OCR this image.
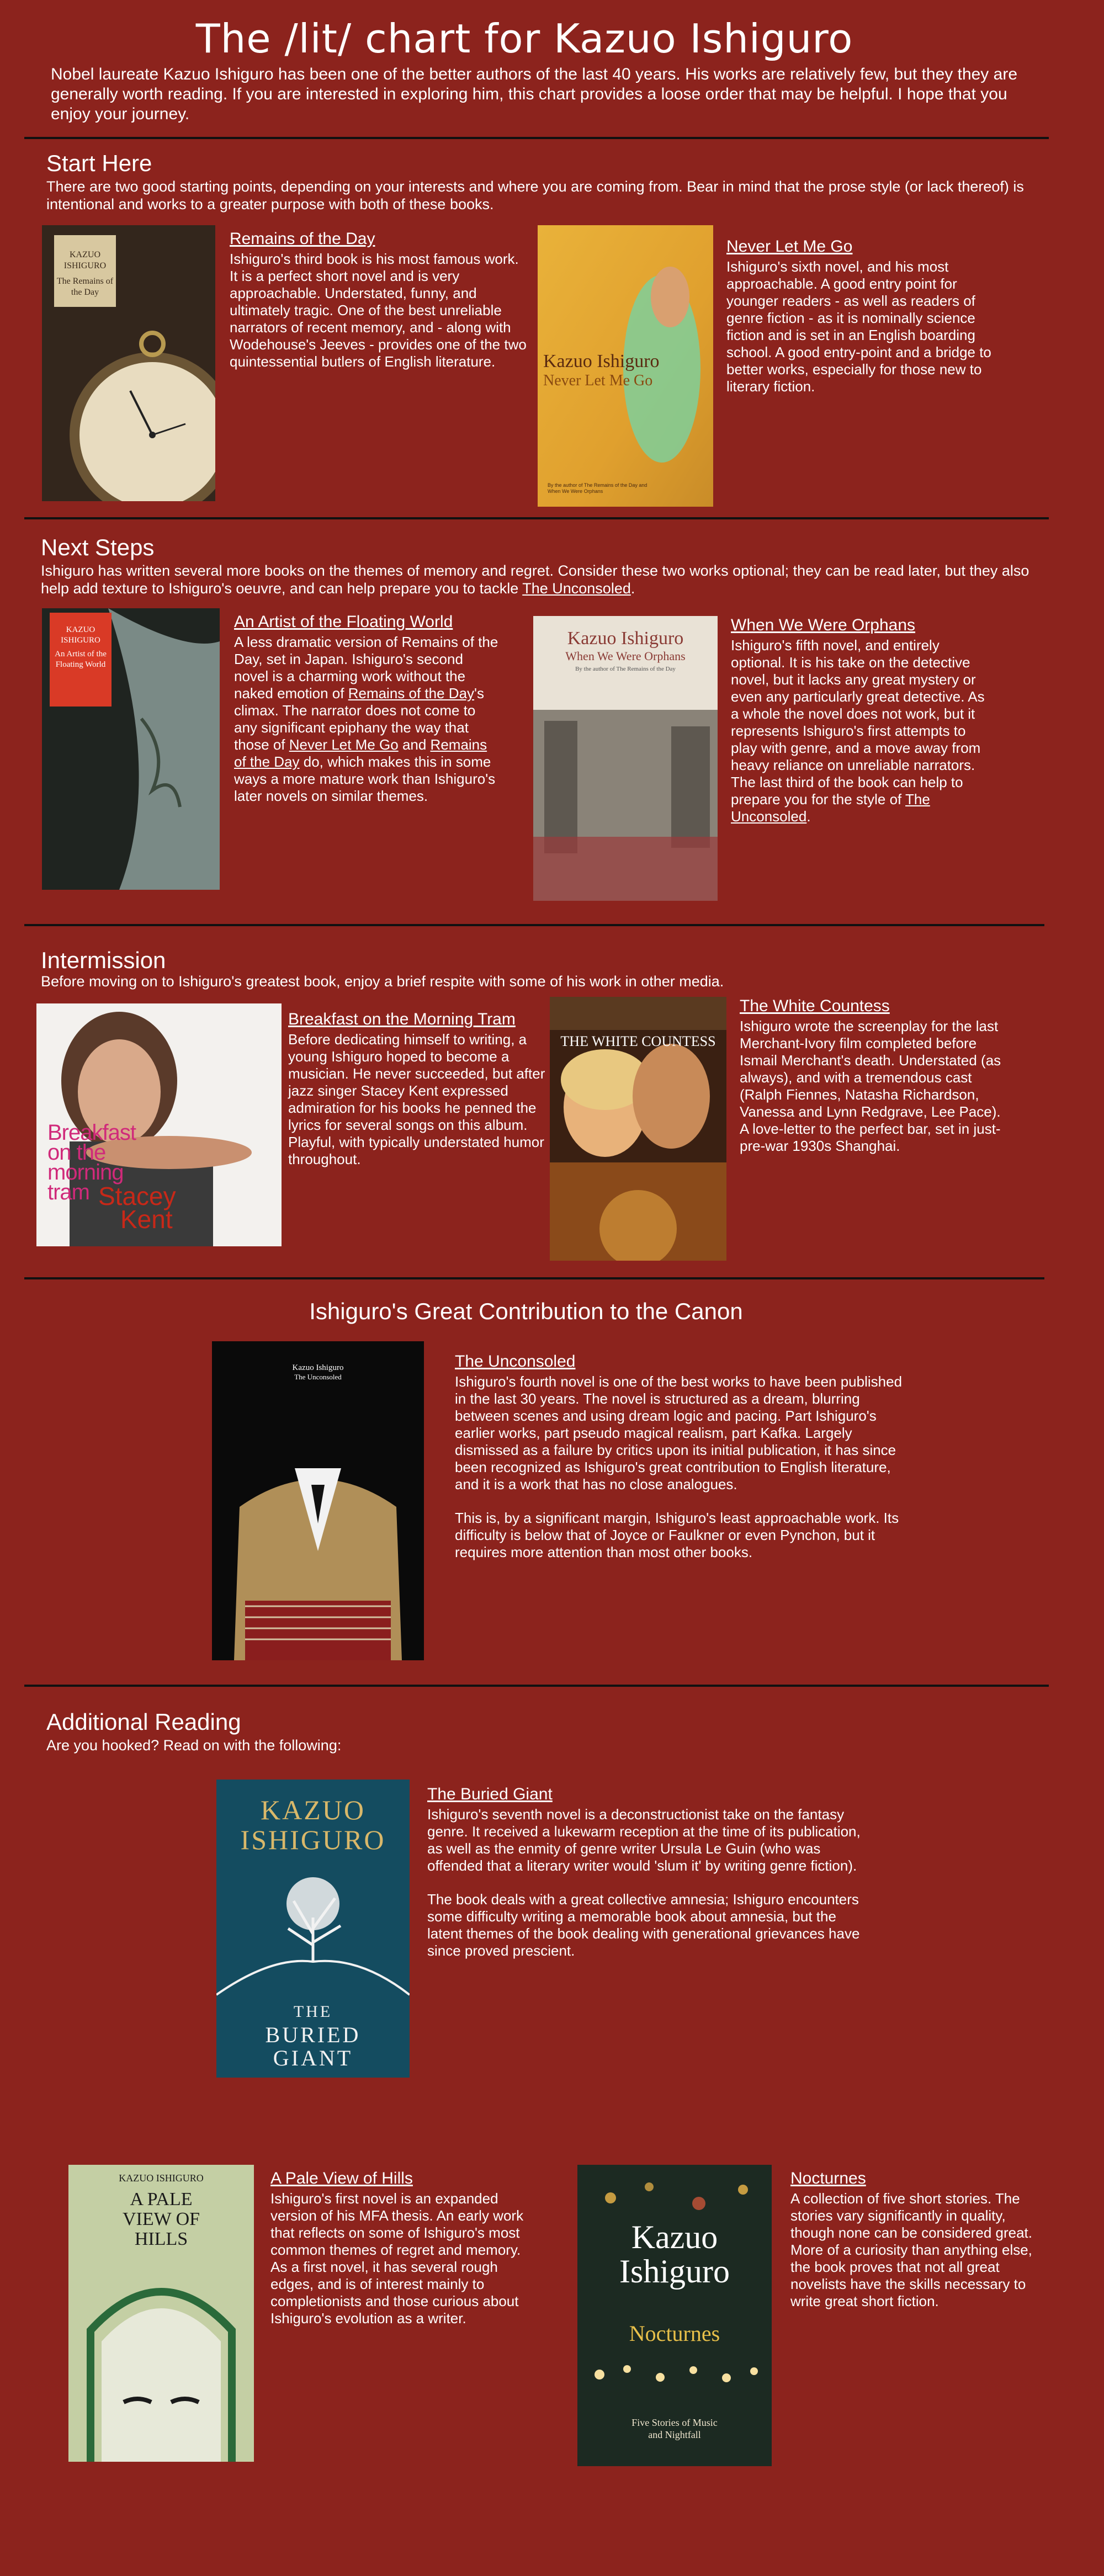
The /lit/ chart for Kazuo Ishiguro
Nobel laureate Kazuo Ishiguro has been one of the better authors of the last 40 years. His works are relatively few, but they they are generally worth reading. If you are interested in exploring him, this chart provides a loose order that may be helpful. I hope that you enjoy your journey.
Start Here
There are two good starting points, depending on your interests and where you are coming from. Bear in mind that the prose style (or lack thereof) is intentional and works to a greater purpose with both of these books.
KAZUO ISHIGURO
The Remains of the Day
Remains of the Day
Ishiguro's third book is his most famous work. It is a perfect short novel and is very approachable. Understated, funny, and ultimately tragic. One of the best unreliable narrators of recent memory, and - along with Wodehouse's Jeeves - provides one of the two quintessential butlers of English literature.	Kazuo Ishiguro
Never Let Me Go
By the author of The Remains of the Day and When We Were Orphans
Never Let Me Go
Ishiguro's sixth novel, and his most approachable. A good entry point for younger readers - as well as readers of genre fiction - as it is nominally science fiction and is set in an English boarding school. A good entry-point and a bridge to better works, especially for those new to literary fiction.
Next Steps
Ishiguro has written several more books on the themes of memory and regret. Consider these two works optional; they can be read later, but they also help add texture to Ishiguro's oeuvre, and can help prepare you to tackle The Unconsoled.
KAZUO ISHIGURO
An Artist of the Floating World
An Artist of the Floating World
A less dramatic version of Remains of the Day, set in Japan. Ishiguro's second novel is a charming work without the naked emotion of Remains of the Day's climax. The narrator does not come to any significant epiphany the way that those of Never Let Me Go and Remains of the Day do, which makes this in some ways a more mature work than Ishiguro's later novels on similar themes.
Kazuo Ishiguro
When We Were Orphans
By the author of The Remains of the Day
When We Were Orphans
Ishiguro's fifth novel, and entirely optional. It is his take on the detective novel, but it lacks any great mystery or even any particularly great detective. As a whole the novel does not work, but it represents Ishiguro's first attempts to play with genre, and a move away from heavy reliance on unreliable narrators. The last third of the book can help to prepare you for the style of The Unconsoled.
Intermission
Before moving on to Ishiguro's greatest book, enjoy a brief respite with some of his work in other media.
Breakfast
on the
morning
tram Stacey
Kent
Breakfast on the Morning Tram
Before dedicating himself to writing, a young Ishiguro hoped to become a musician. He never succeeded, but after jazz singer Stacey Kent expressed admiration for his books he penned the lyrics for several songs on this album. Playful, with typically understated humor throughout.
THE WHITE COUNTESS
The White Countess
Ishiguro wrote the screenplay for the last Merchant-Ivory film completed before Ismail Merchant's death. Understated (as always), and with a tremendous cast (Ralph Fiennes, Natasha Richardson, Vanessa and Lynn Redgrave, Lee Pace). A love-letter to the perfect bar, set in just-pre-war 1930s Shanghai.
Ishiguro's Great Contribution to the Canon
Kazuo Ishiguro
The Unconsoled
The Unconsoled

Ishiguro's fourth novel is one of the best works to have been published in the last 30 years. The novel is structured as a dream, blurring between scenes and using dream logic and pacing. Part Ishiguro's earlier works, part pseudo magical realism, part Kafka. Largely dismissed as a failure by critics upon its initial publication, it has since been recognized as Ishiguro's great contribution to English literature, and it is a work that has no close analogues.

This is, by a significant margin, Ishiguro's least approachable work. Its difficulty is below that of Joyce or Faulkner or even Pynchon, but it requires more attention than most other books.

Additional Reading
Are you hooked? Read on with the following:
KAZUO
ISHIGURO
THE
BURIED
GIANT
The Buried Giant

Ishiguro's seventh novel is a deconstructionist take on the fantasy genre. It received a lukewarm reception at the time of its publication, as well as the enmity of genre writer Ursula Le Guin (who was offended that a literary writer would 'slum it' by writing genre fiction).

The book deals with a great collective amnesia; Ishiguro encounters some difficulty writing a memorable book about amnesia, but the latent themes of the book dealing with generational grievances have since proved prescient.

KAZUO ISHIGURO
A PALE
VIEW OF
HILLS
A Pale View of Hills
Ishiguro's first novel is an expanded version of his MFA thesis. An early work that reflects on some of Ishiguro's most common themes of regret and memory. As a first novel, it has several rough edges, and is of interest mainly to completionists and those curious about Ishiguro's evolution as a writer.
Kazuo
Ishiguro
Nocturnes
Five Stories of Music
and Nightfall
Nocturnes
A collection of five short stories. The stories vary significantly in quality, though none can be considered great. More of a curiosity than anything else, the book proves that not all great novelists have the skills necessary to write great short fiction.
